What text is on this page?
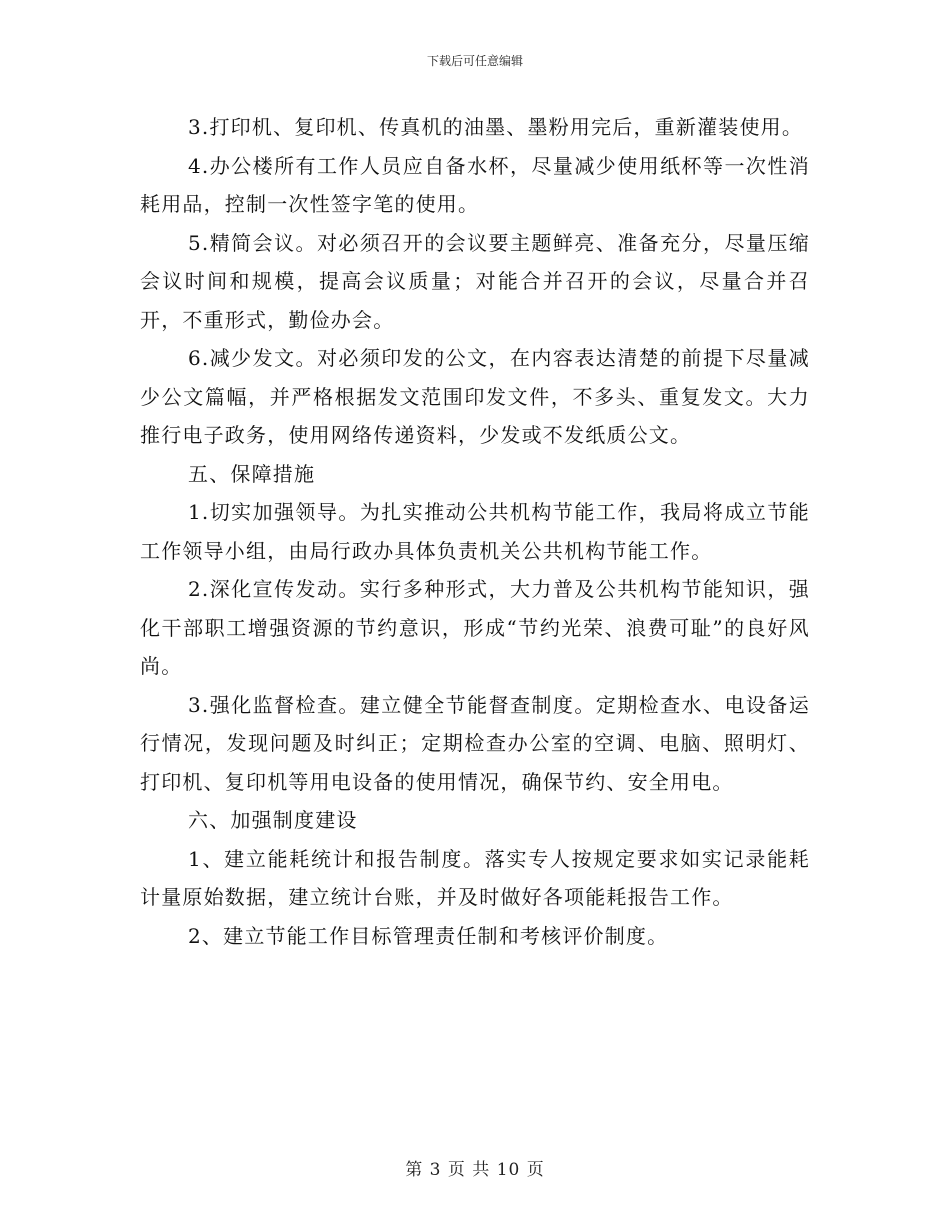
下载后可任意编辑

3.打印机、复印机、传真机的油墨、墨粉用完后，重新灌装使用。

4.办公楼所有工作人员应自备水杯，尽量减少使用纸杯等一次性消耗用品，控制一次性签字笔的使用。

5.精简会议。对必须召开的会议要主题鲜亮、准备充分，尽量压缩会议时间和规模，提高会议质量；对能合并召开的会议，尽量合并召开，不重形式，勤俭办会。

6.减少发文。对必须印发的公文，在内容表达清楚的前提下尽量减少公文篇幅，并严格根据发文范围印发文件，不多头、重复发文。大力推行电子政务，使用网络传递资料，少发或不发纸质公文。

五、保障措施

1.切实加强领导。为扎实推动公共机构节能工作，我局将成立节能工作领导小组，由局行政办具体负责机关公共机构节能工作。

2.深化宣传发动。实行多种形式，大力普及公共机构节能知识，强化干部职工增强资源的节约意识，形成“节约光荣、浪费可耻”的良好风尚。

3.强化监督检查。建立健全节能督查制度。定期检查水、电设备运行情况，发现问题及时纠正；定期检查办公室的空调、电脑、照明灯、打印机、复印机等用电设备的使用情况，确保节约、安全用电。

六、加强制度建设

1、建立能耗统计和报告制度。落实专人按规定要求如实记录能耗计量原始数据，建立统计台账，并及时做好各项能耗报告工作。

2、建立节能工作目标管理责任制和考核评价制度。

第 3 页 共 10 页
